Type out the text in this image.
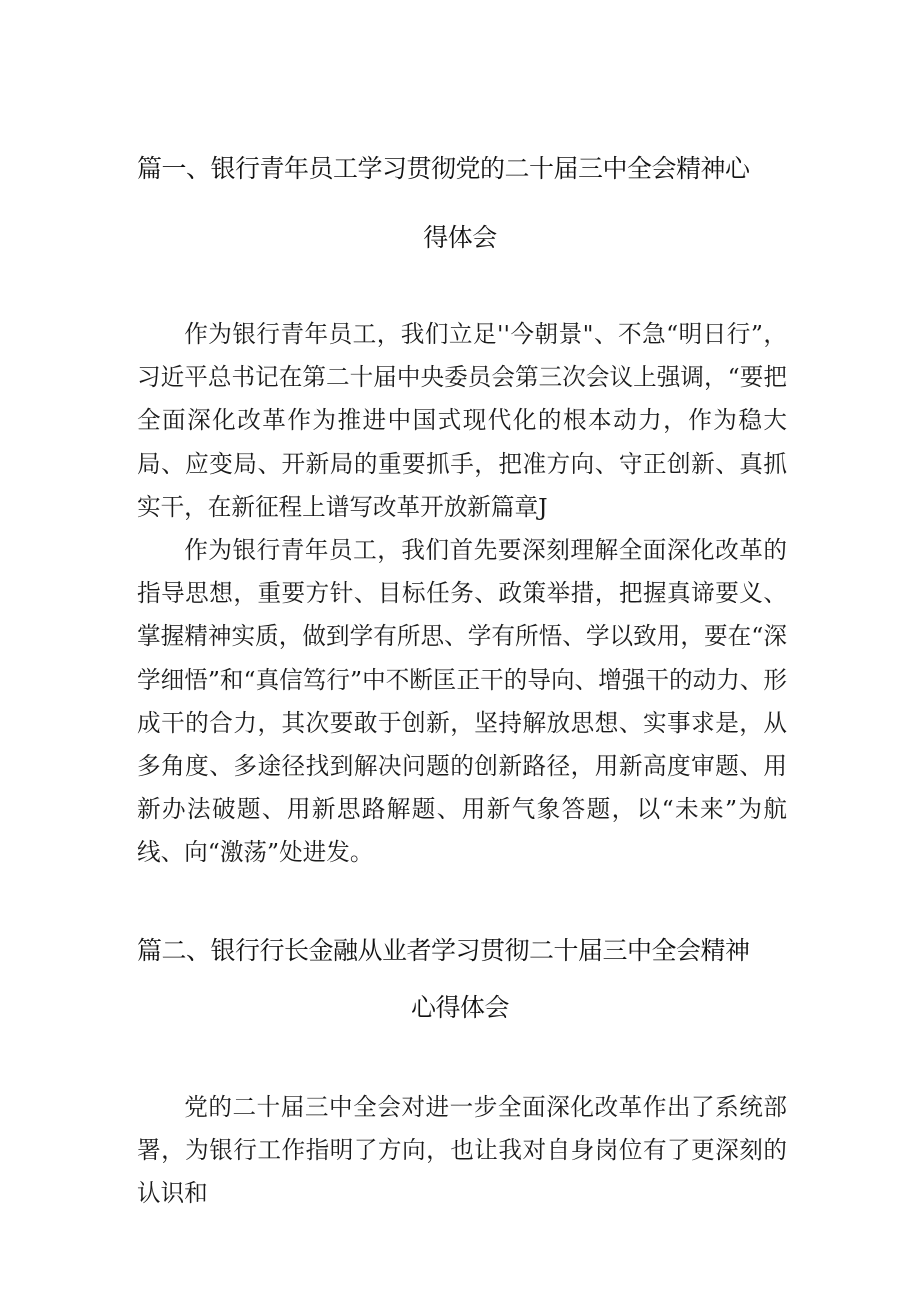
篇一、银行青年员工学习贯彻党的二十届三中全会精神心
得体会

作为银行青年员工，我们立足''今朝景"、不急“明日行”，习近平总书记在第二十届中央委员会第三次会议上强调，“要把全面深化改革作为推进中国式现代化的根本动力，作为稳大局、应变局、开新局的重要抓手，把准方向、守正创新、真抓实干，在新征程上谱写改革开放新篇章J

作为银行青年员工，我们首先要深刻理解全面深化改革的指导思想，重要方针、目标任务、政策举措，把握真谛要义、掌握精神实质，做到学有所思、学有所悟、学以致用，要在“深学细悟”和“真信笃行”中不断匡正干的导向、增强干的动力、形成干的合力，其次要敢于创新，坚持解放思想、实事求是，从多角度、多途径找到解决问题的创新路径，用新高度审题、用新办法破题、用新思路解题、用新气象答题，以“未来”为航线、向“激荡”处进发。

篇二、银行行长金融从业者学习贯彻二十届三中全会精神
心得体会

党的二十届三中全会对进一步全面深化改革作出了系统部署，为银行工作指明了方向，也让我对自身岗位有了更深刻的认识和
